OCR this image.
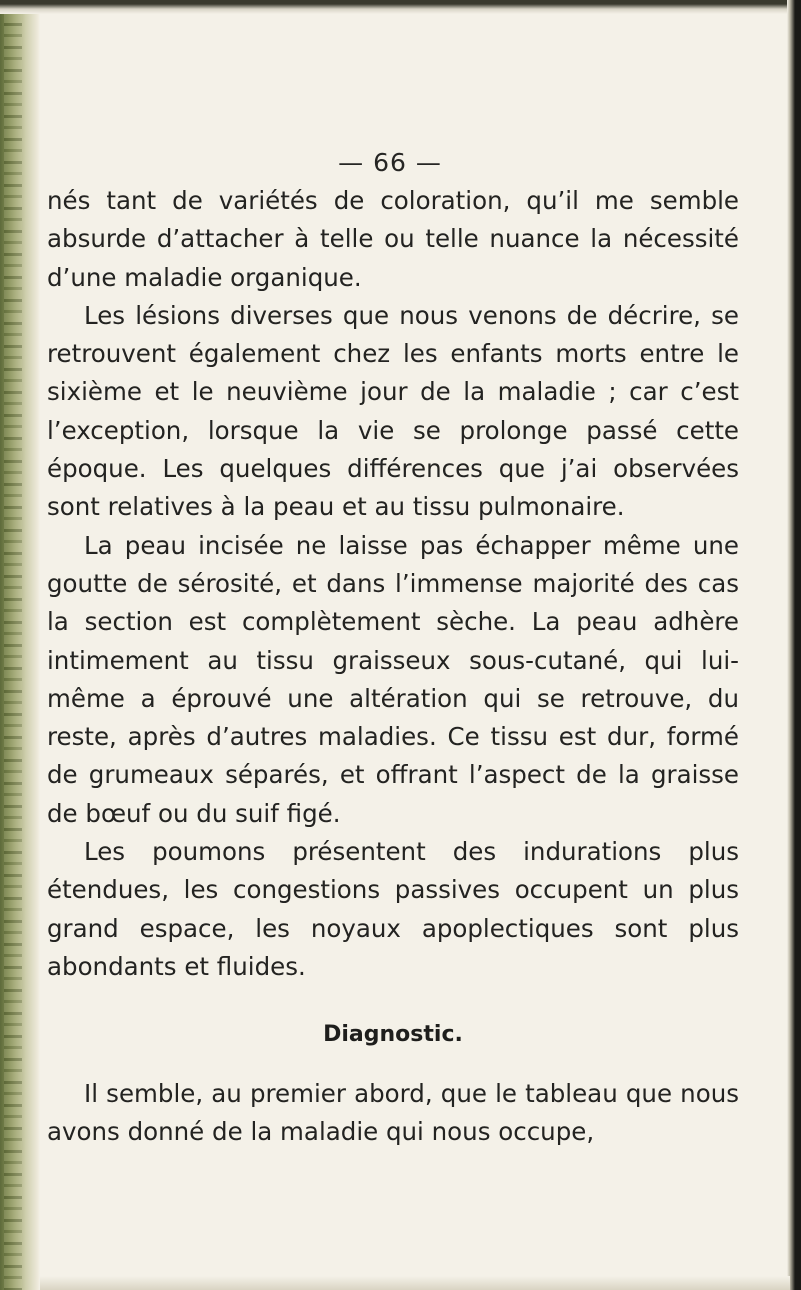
— 66 —

nés tant de variétés de coloration, qu’il me semble absurde d’attacher à telle ou telle nuance la nécessité d’une maladie organique.

Les lésions diverses que nous venons de décrire, se retrouvent également chez les enfants morts entre le sixième et le neuvième jour de la maladie ; car c’est l’exception, lorsque la vie se prolonge passé cette époque. Les quelques différences que j’ai observées sont relatives à la peau et au tissu pulmonaire.

La peau incisée ne laisse pas échapper même une goutte de sérosité, et dans l’immense majorité des cas la section est complètement sèche. La peau adhère intimement au tissu graisseux sous-cutané, qui lui-même a éprouvé une altération qui se retrouve, du reste, après d’autres maladies. Ce tissu est dur, formé de grumeaux séparés, et offrant l’aspect de la graisse de bœuf ou du suif figé.

Les poumons présentent des indurations plus étendues, les congestions passives occupent un plus grand espace, les noyaux apoplectiques sont plus abondants et fluides.

Diagnostic.

Il semble, au premier abord, que le tableau que nous avons donné de la maladie qui nous occupe,
